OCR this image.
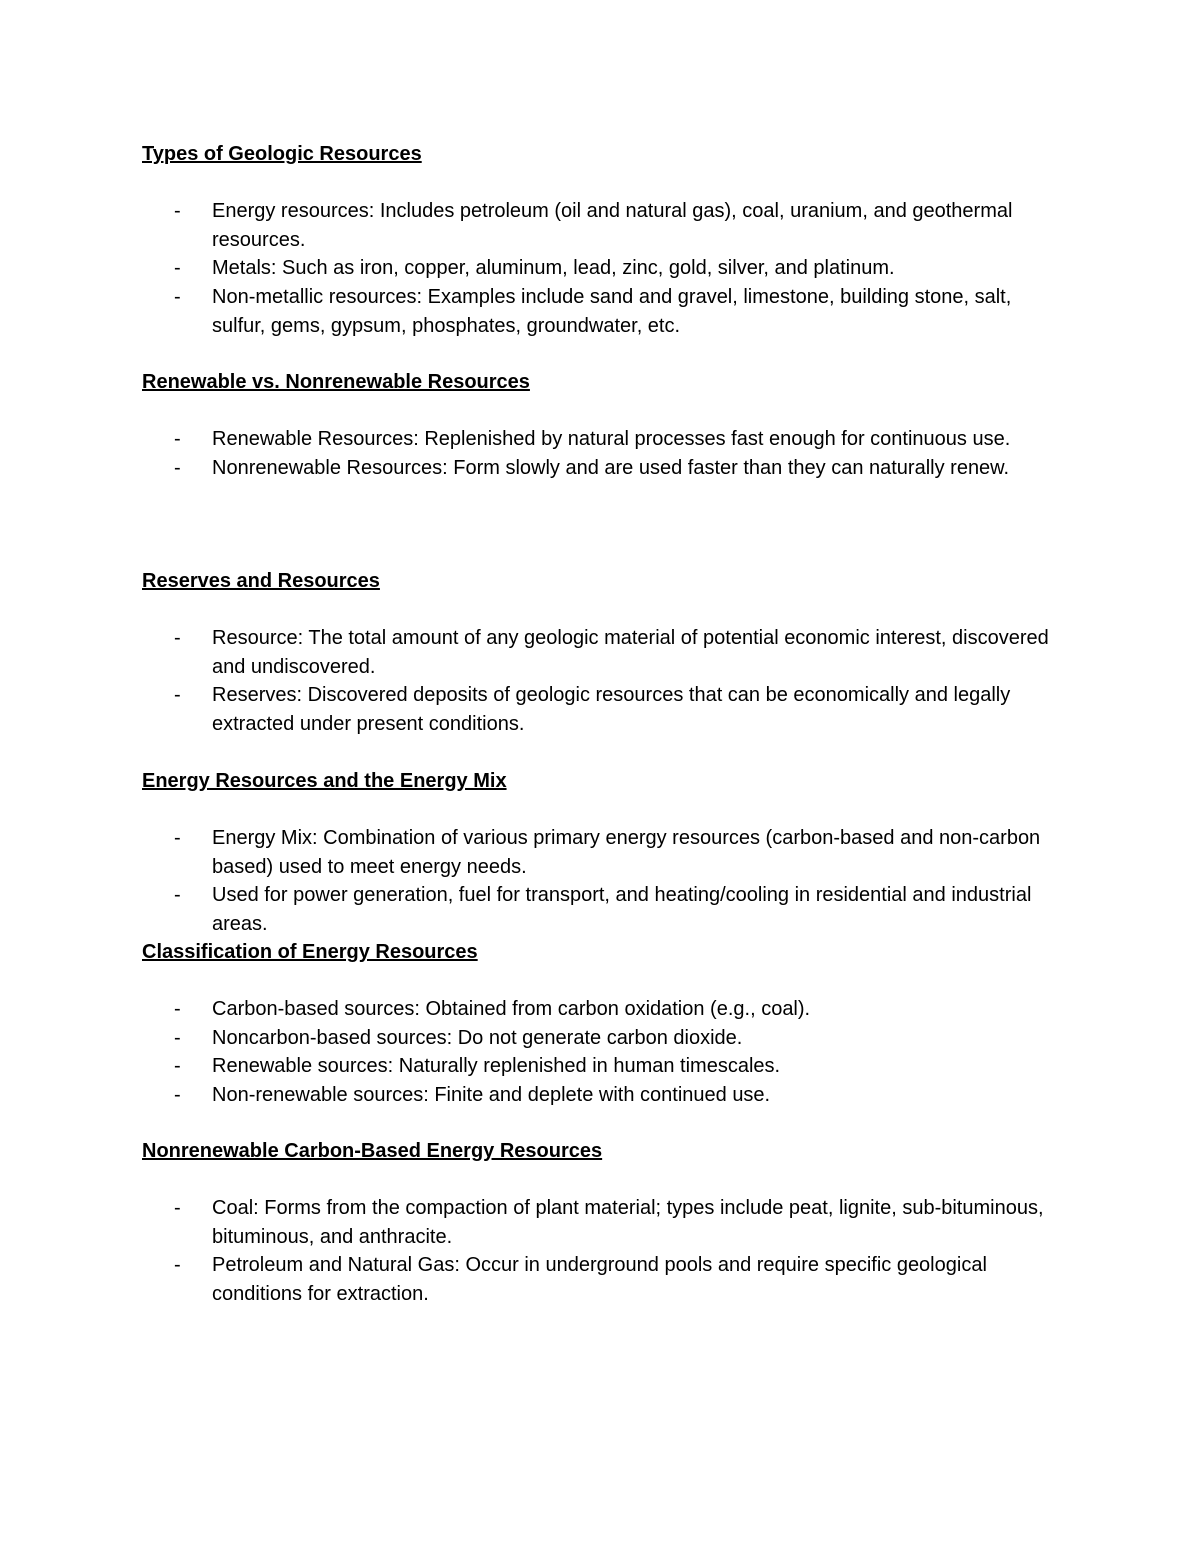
Types of Geologic Resources
- Energy resources: Includes petroleum (oil and natural gas), coal, uranium, and geothermal resources.
- Metals: Such as iron, copper, aluminum, lead, zinc, gold, silver, and platinum.
- Non-metallic resources: Examples include sand and gravel, limestone, building stone, salt, sulfur, gems, gypsum, phosphates, groundwater, etc.
Renewable vs. Nonrenewable Resources
- Renewable Resources: Replenished by natural processes fast enough for continuous use.
- Nonrenewable Resources: Form slowly and are used faster than they can naturally renew.
Reserves and Resources
- Resource: The total amount of any geologic material of potential economic interest, discovered and undiscovered.
- Reserves: Discovered deposits of geologic resources that can be economically and legally extracted under present conditions.
Energy Resources and the Energy Mix
- Energy Mix: Combination of various primary energy resources (carbon-based and non-carbon based) used to meet energy needs.
- Used for power generation, fuel for transport, and heating/cooling in residential and industrial areas.
Classification of Energy Resources
- Carbon-based sources: Obtained from carbon oxidation (e.g., coal).
- Noncarbon-based sources: Do not generate carbon dioxide.
- Renewable sources: Naturally replenished in human timescales.
- Non-renewable sources: Finite and deplete with continued use.
Nonrenewable Carbon-Based Energy Resources
- Coal: Forms from the compaction of plant material; types include peat, lignite, sub-bituminous, bituminous, and anthracite.
- Petroleum and Natural Gas: Occur in underground pools and require specific geological conditions for extraction.
